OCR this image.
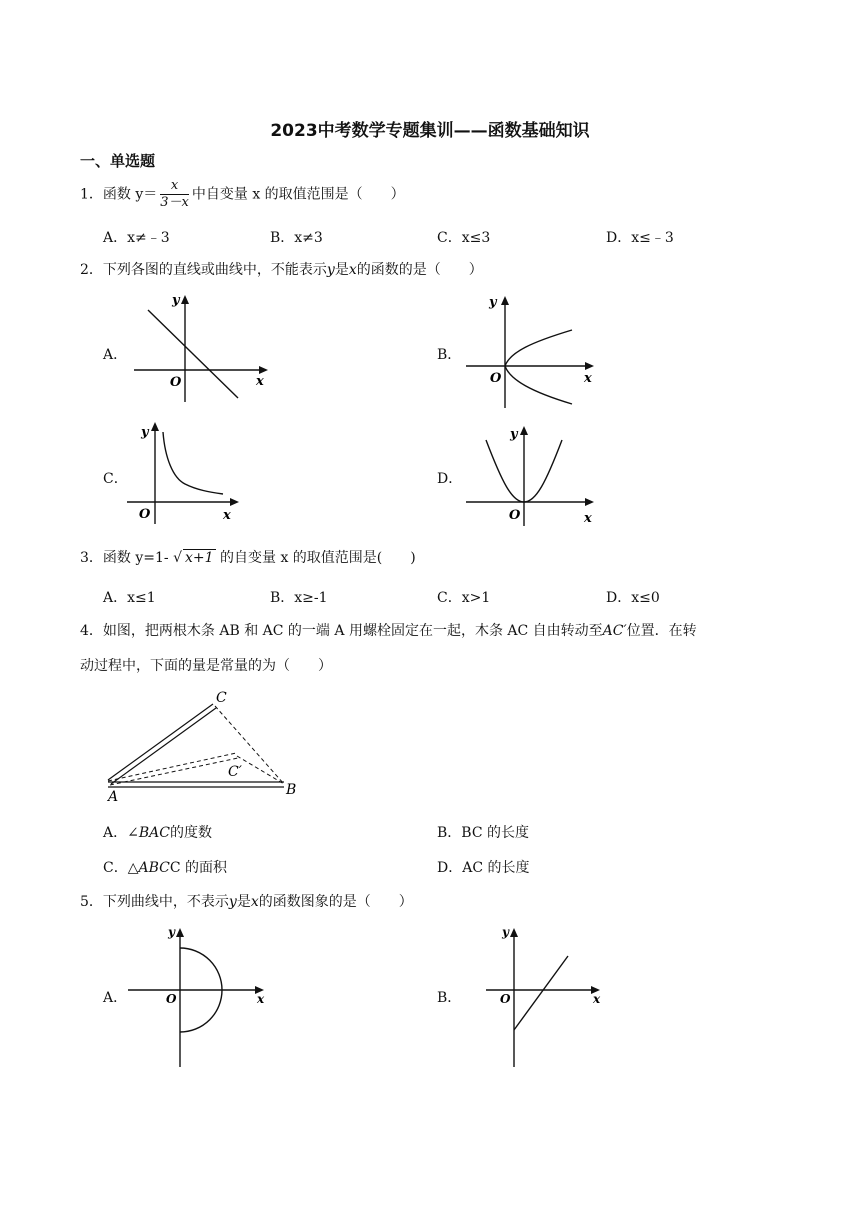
2023中考数学专题集训——函数基础知识
一、单选题
1．函数 $y= \frac{x}{3-x}$ 中自变量 x 的取值范围是（　　）
A．x≠﹣3	B．x≠3	C．x≤3	D．x≤﹣3
2．下列各图的直线或曲线中，不能表示y是x的函数的是（　　）
A．	B．
C．	D．
y
x
O
y
x
O
y
x
O
y
x
O
3．函数 y=1- √ x+1 的自变量 x 的取值范围是(　　)
A．x≤1	B．x≥-1	C．x>1	D．x≤0
4．如图，把两根木条 AB 和 AC 的一端 A 用螺栓固定在一起，木条 AC 自由转动至AC′位置．在转
动过程中，下面的量是常量的为（　　）
C
C′
A	B
A．∠BAC的度数	B．BC 的长度
C．△ABCC 的面积	D．AC 的长度
5．下列曲线中，不表示y是x的函数图象的是（　　）
A．	B．
y
x
O
y
x
O
